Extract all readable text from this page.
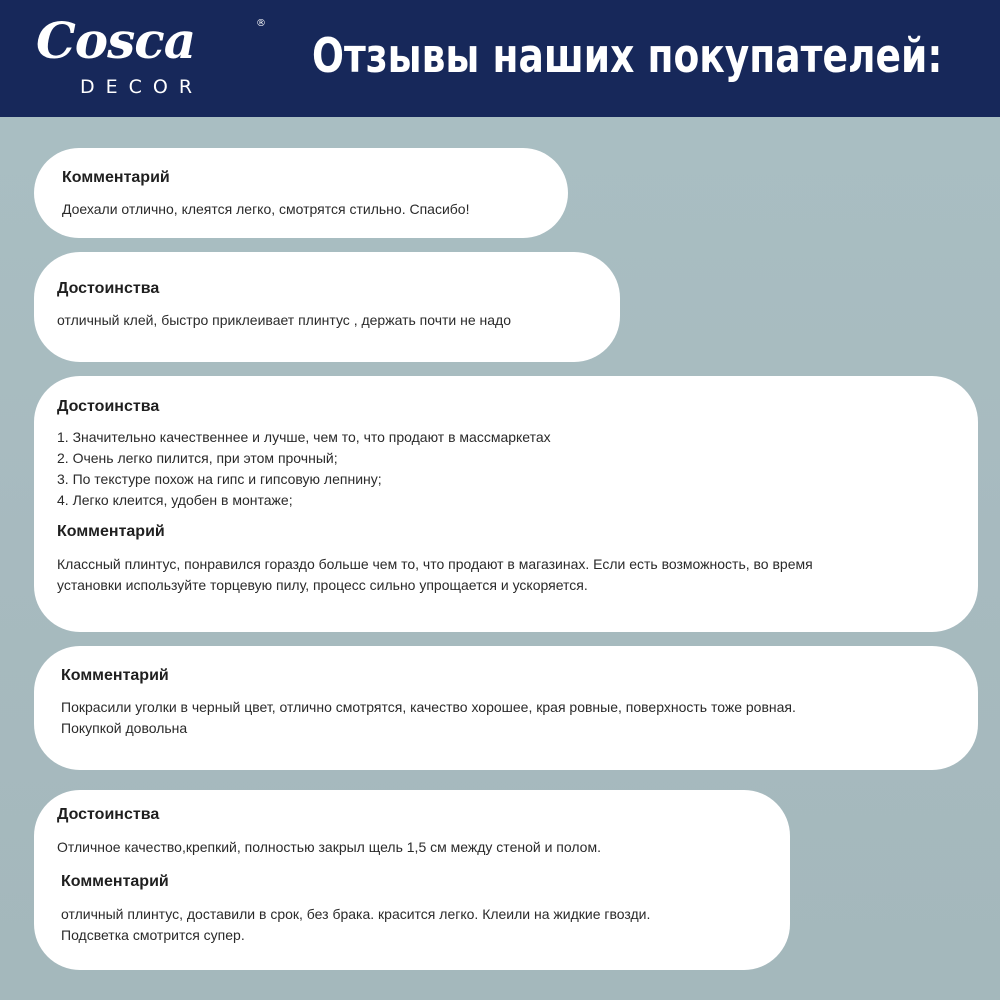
Cosca	®
DECOR
Отзывы наших покупателей:
Комментарий
Доехали отлично, клеятся легко, смотрятся стильно. Спасибо!
Достоинства
отличный клей, быстро приклеивает плинтус , держать почти не надо
Достоинства
1. Значительно качественнее и лучше, чем то, что продают в массмаркетах
2. Очень легко пилится, при этом прочный;
3. По текстуре похож на гипс и гипсовую лепнину;
4. Легко клеится, удобен в монтаже;
Комментарий
Классный плинтус, понравился гораздо больше чем то, что продают в магазинах. Если есть возможность, во время
установки используйте торцевую пилу, процесс сильно упрощается и ускоряется.
Комментарий
Покрасили уголки в черный цвет, отлично смотрятся, качество хорошее, края ровные, поверхность тоже ровная.
Покупкой довольна
Достоинства
Отличное качество,крепкий, полностью закрыл щель 1,5 см между стеной и полом.
Комментарий
отличный плинтус, доставили в срок, без брака. красится легко. Клеили на жидкие гвозди.
Подсветка смотрится супер.
